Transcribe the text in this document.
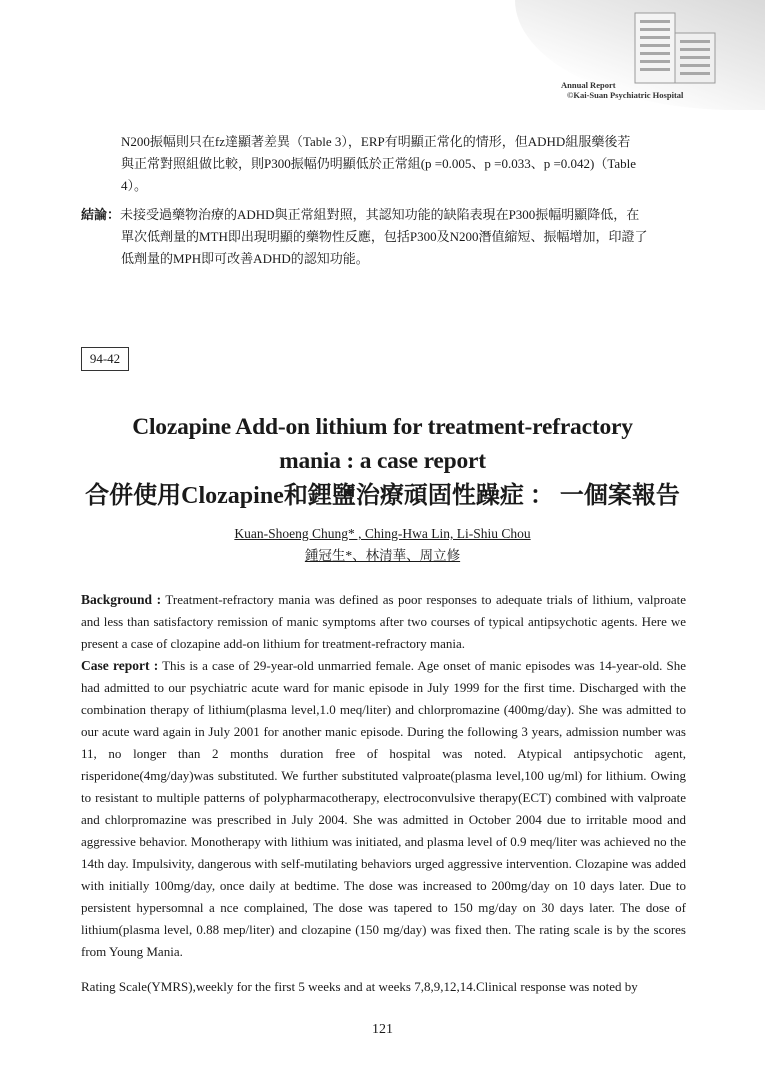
Annual Report
©Kai-Suan Psychiatric Hospital
N200振幅則只在fz達顯著差異（Table 3），ERP有明顯正常化的情形，但ADHD組服藥後若
與正常對照組做比較，則P300振幅仍明顯低於正常組(p =0.005、p =0.033、p =0.042)（Table
4）。
結論：未接受過藥物治療的ADHD與正常組對照，其認知功能的缺陷表現在P300振幅明顯降低，在
單次低劑量的MTH即出現明顯的藥物性反應，包括P300及N200潛值縮短、振幅增加，印證了
低劑量的MPH即可改善ADHD的認知功能。
94-42
Clozapine Add-on lithium for treatment-refractory
mania : a case report
合併使用Clozapine和鋰鹽治療頑固性躁症 ： 一個案報告
Kuan-Shoeng Chung* , Ching-Hwa Lin, Li-Shiu Chou
鍾冠生*、林清華、周立修
Background : Treatment-refractory mania was defined as poor responses to adequate trials of lithium, valproate and less than satisfactory remission of manic symptoms after two courses of typical antipsychotic agents. Here we present a case of clozapine add-on lithium for treatment-refractory mania.
Case report : This is a case of 29-year-old unmarried female. Age onset of manic episodes was 14-year-old. She had admitted to our psychiatric acute ward for manic episode in July 1999 for the first time. Discharged with the combination therapy of lithium(plasma level,1.0 meq/liter) and chlorpromazine (400mg/day). She was admitted to our acute ward again in July 2001 for another manic episode. During the following 3 years, admission number was 11, no longer than 2 months duration free of hospital was noted. Atypical antipsychotic agent, risperidone(4mg/day)was substituted. We further substituted valproate(plasma level,100 ug/ml) for lithium. Owing to resistant to multiple patterns of polypharmacotherapy, electroconvulsive therapy(ECT) combined with valproate and chlorpromazine was prescribed in July 2004. She was admitted in October 2004 due to irritable mood and aggressive behavior. Monotherapy with lithium was initiated, and plasma level of 0.9 meq/liter was achieved no the 14th day. Impulsivity, dangerous with self-mutilating behaviors urged aggressive intervention. Clozapine was added with initially 100mg/day, once daily at bedtime. The dose was increased to 200mg/day on 10 days later. Due to persistent hypersomnal a nce complained, The dose was tapered to 150 mg/day on 30 days later. The dose of lithium(plasma level, 0.88 mep/liter) and clozapine (150 mg/day) was fixed then. The rating scale is by the scores from Young Mania.
Rating Scale(YMRS),weekly for the first 5 weeks and at weeks 7,8,9,12,14.Clinical response was noted by
121
